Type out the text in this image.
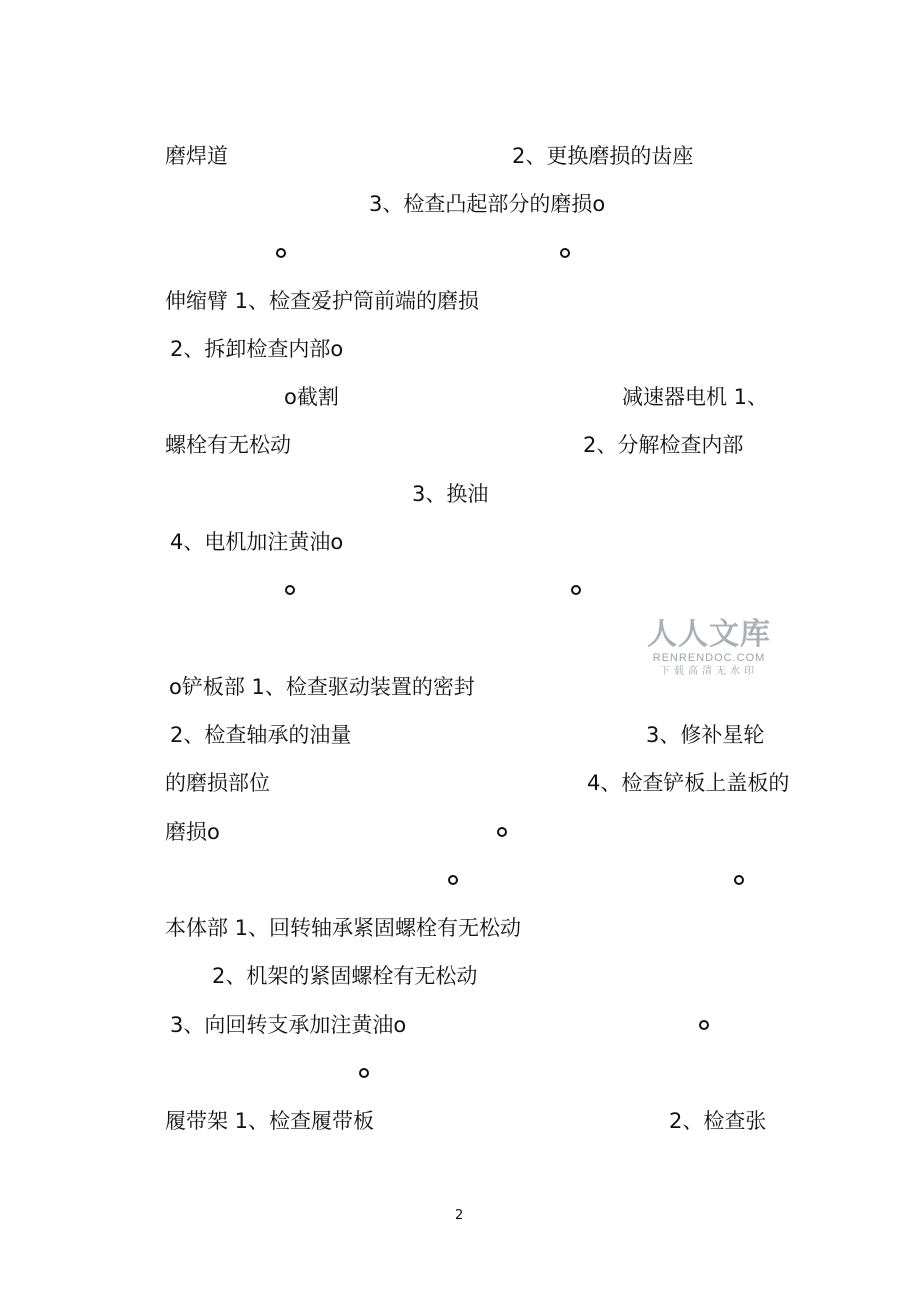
磨焊道	2、更换磨损的齿座
3、检查凸起部分的磨损o
伸缩臂 1、检查爱护筒前端的磨损
2、拆卸检查内部o
o截割	减速器电机 1、
螺栓有无松动	2、分解检查内部
3、换油
4、电机加注黄油o
人人文库
RENRENDOC.COM
下载高清无水印
o铲板部 1、检查驱动装置的密封
2、检查轴承的油量	3、修补星轮
的磨损部位	4、检查铲板上盖板的
磨损o
本体部 1、回转轴承紧固螺栓有无松动
2、机架的紧固螺栓有无松动
3、向回转支承加注黄油o
履带架 1、检查履带板	2、检查张
2
